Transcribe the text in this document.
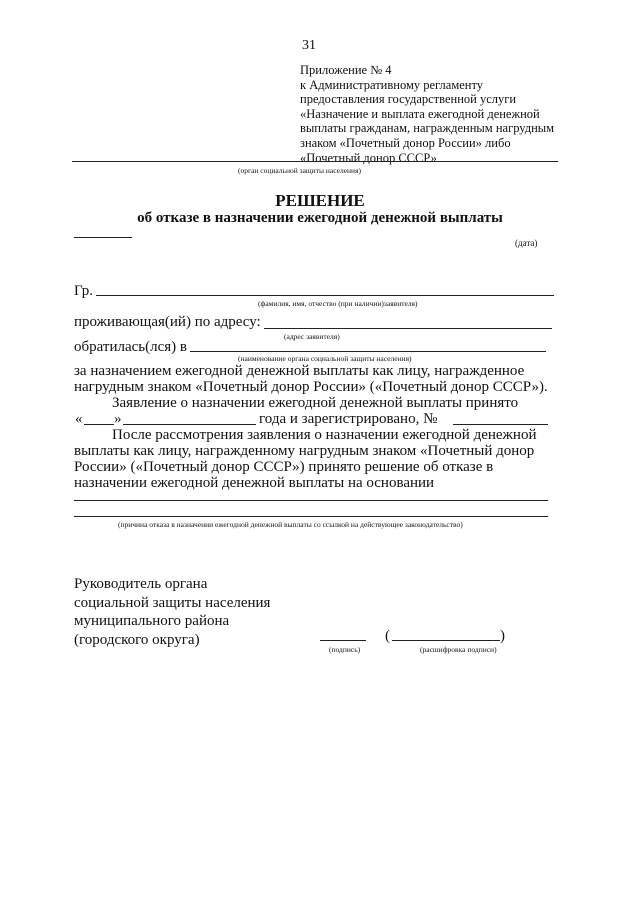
31
Приложение № 4
к Административному регламенту
предоставления государственной услуги
«Назначение и выплата ежегодной денежной
выплаты гражданам, награжденным нагрудным
знаком «Почетный донор России» либо
«Почетный донор СССР»
(орган социальной защиты населения)
РЕШЕНИЕ
об отказе в назначении ежегодной денежной выплаты
(дата)
Гр.
(фамилия, имя, отчество (при наличии)заявителя)
проживающая(ий) по адресу:
(адрес заявителя)
обратилась(лся) в
(наименование органа социальной защиты населения)
за назначением ежегодной денежной выплаты как лицу, награжденное
нагрудным знаком «Почетный донор России» («Почетный донор СССР»).
Заявление о назначении ежегодной денежной выплаты принято
« »	года и зарегистрировано, №
После рассмотрения заявления о назначении ежегодной денежной
выплаты как лицу, награжденному нагрудным знаком «Почетный донор
России» («Почетный донор СССР») принято решение об отказе в
назначении ежегодной денежной выплаты на основании
(причина отказа в назначении ежегодной денежной выплаты со ссылкой на действующее законодательство)
Руководитель органа
социальной защиты населения
муниципального района
(городского округа)
(подпись)
(	)
(расшифровка подписи)
